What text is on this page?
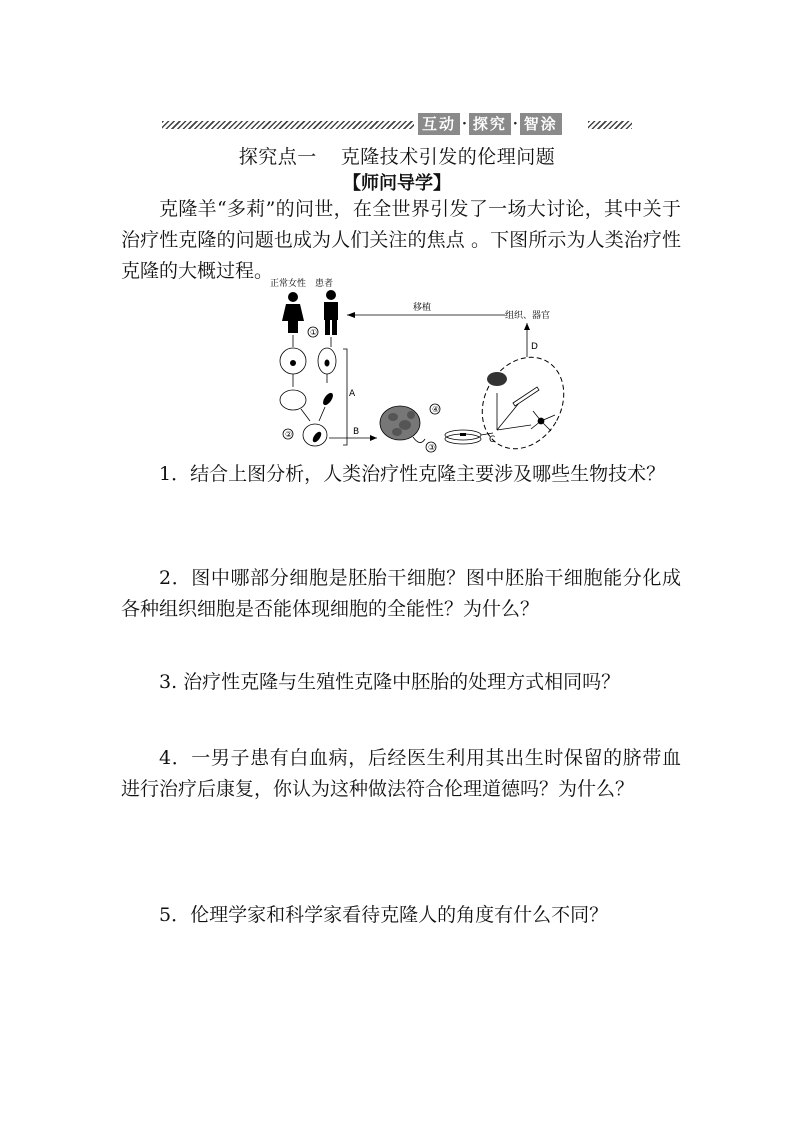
互动 · 探究 · 智涂
探究点一 克隆技术引发的伦理问题
【师问导学】
克隆羊“多莉”的问世，在全世界引发了一场大讨论，其中关于治疗性克隆的问题也成为人们关注的焦点 。下图所示为人类治疗性克隆的大概过程。
正常女性 患者
①
移植
组织、器官
②
A
B
④
③
C
D
1．结合上图分析，人类治疗性克隆主要涉及哪些生物技术？
2．图中哪部分细胞是胚胎干细胞？图中胚胎干细胞能分化成各种组织细胞是否能体现细胞的全能性？为什么？
3. 治疗性克隆与生殖性克隆中胚胎的处理方式相同吗？
4．一男子患有白血病，后经医生利用其出生时保留的脐带血进行治疗后康复，你认为这种做法符合伦理道德吗？为什么？
5．伦理学家和科学家看待克隆人的角度有什么不同？
